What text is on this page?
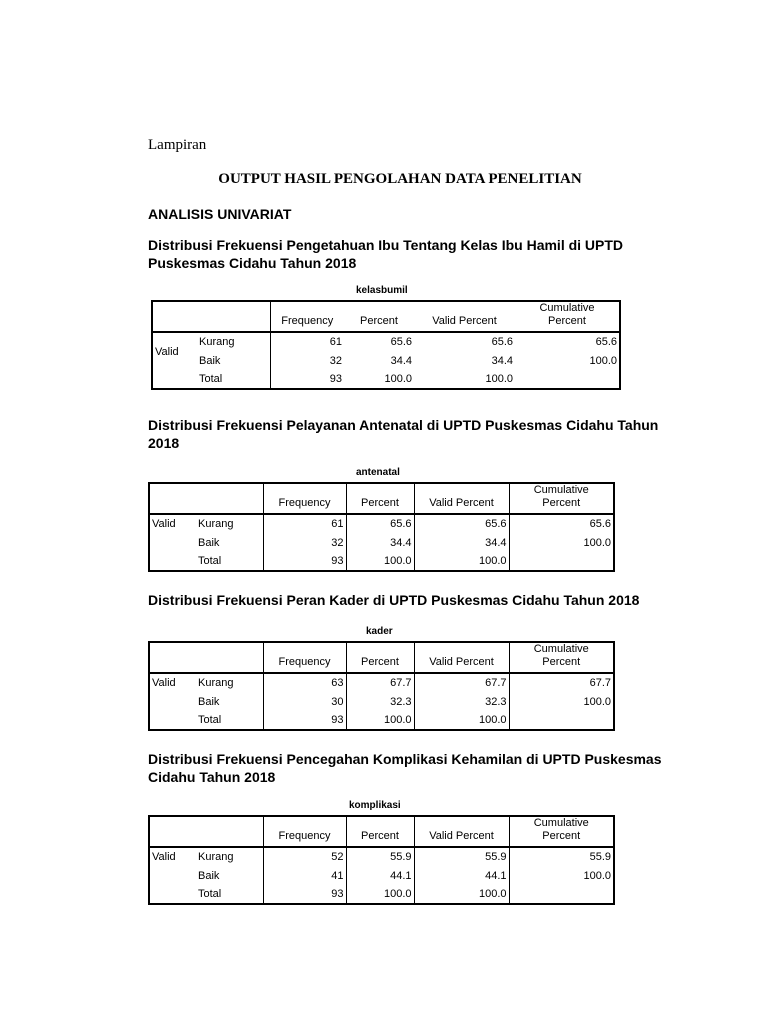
Lampiran
OUTPUT HASIL PENGOLAHAN DATA PENELITIAN
ANALISIS UNIVARIAT
Distribusi Frekuensi Pengetahuan Ibu Tentang Kelas Ibu Hamil di UPTD Puskesmas Cidahu Tahun 2018
kelasbumil
		Frequency	Percent	Valid Percent	Cumulative
Percent
Valid	Kurang	61	65.6	65.6	65.6
	Baik	32	34.4	34.4	100.0
	Total	93	100.0	100.0	
Distribusi Frekuensi Pelayanan Antenatal di UPTD Puskesmas Cidahu Tahun 2018
antenatal
		Frequency	Percent	Valid Percent	Cumulative
Percent
Valid	Kurang	61	65.6	65.6	65.6
	Baik	32	34.4	34.4	100.0
	Total	93	100.0	100.0	
Distribusi Frekuensi Peran Kader di UPTD Puskesmas Cidahu Tahun 2018
kader
		Frequency	Percent	Valid Percent	Cumulative
Percent
Valid	Kurang	63	67.7	67.7	67.7
	Baik	30	32.3	32.3	100.0
	Total	93	100.0	100.0	
Distribusi Frekuensi Pencegahan Komplikasi Kehamilan di UPTD Puskesmas Cidahu Tahun 2018
komplikasi
		Frequency	Percent	Valid Percent	Cumulative
Percent
Valid	Kurang	52	55.9	55.9	55.9
	Baik	41	44.1	44.1	100.0
	Total	93	100.0	100.0	
